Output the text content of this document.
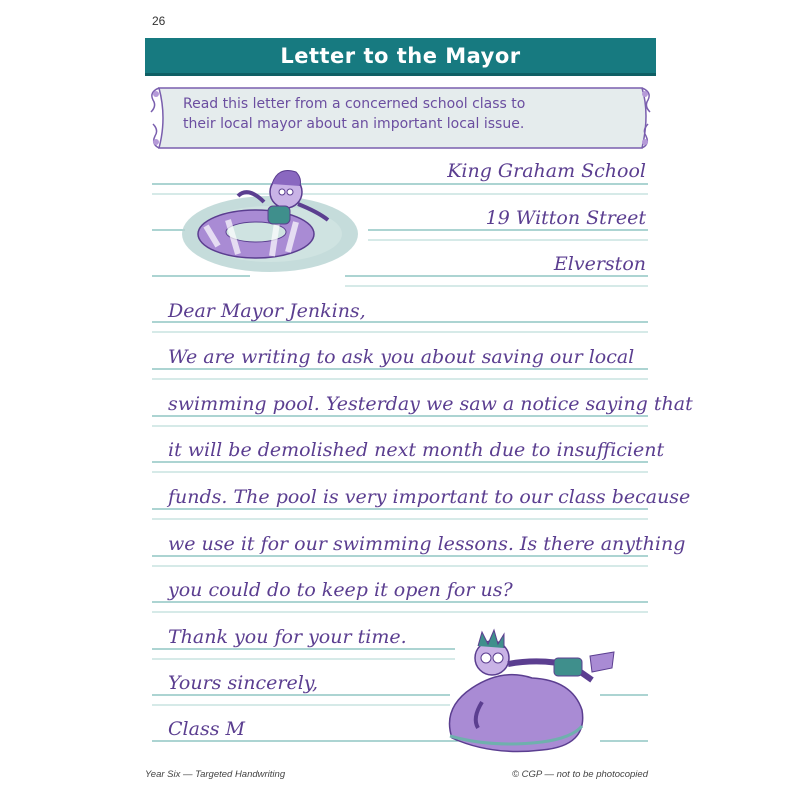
26
Letter to the Mayor
Read this letter from a concerned school class to
their local mayor about an important local issue.
King Graham School
19 Witton Street
Elverston
Dear Mayor Jenkins,
We are writing to ask you about saving our local
swimming pool. Yesterday we saw a notice saying that
it will be demolished next month due to insufficient
funds. The pool is very important to our class because
we use it for our swimming lessons. Is there anything
you could do to keep it open for us?
Thank you for your time.
Yours sincerely,
Class M
Year Six — Targeted Handwriting	© CGP — not to be photocopied
